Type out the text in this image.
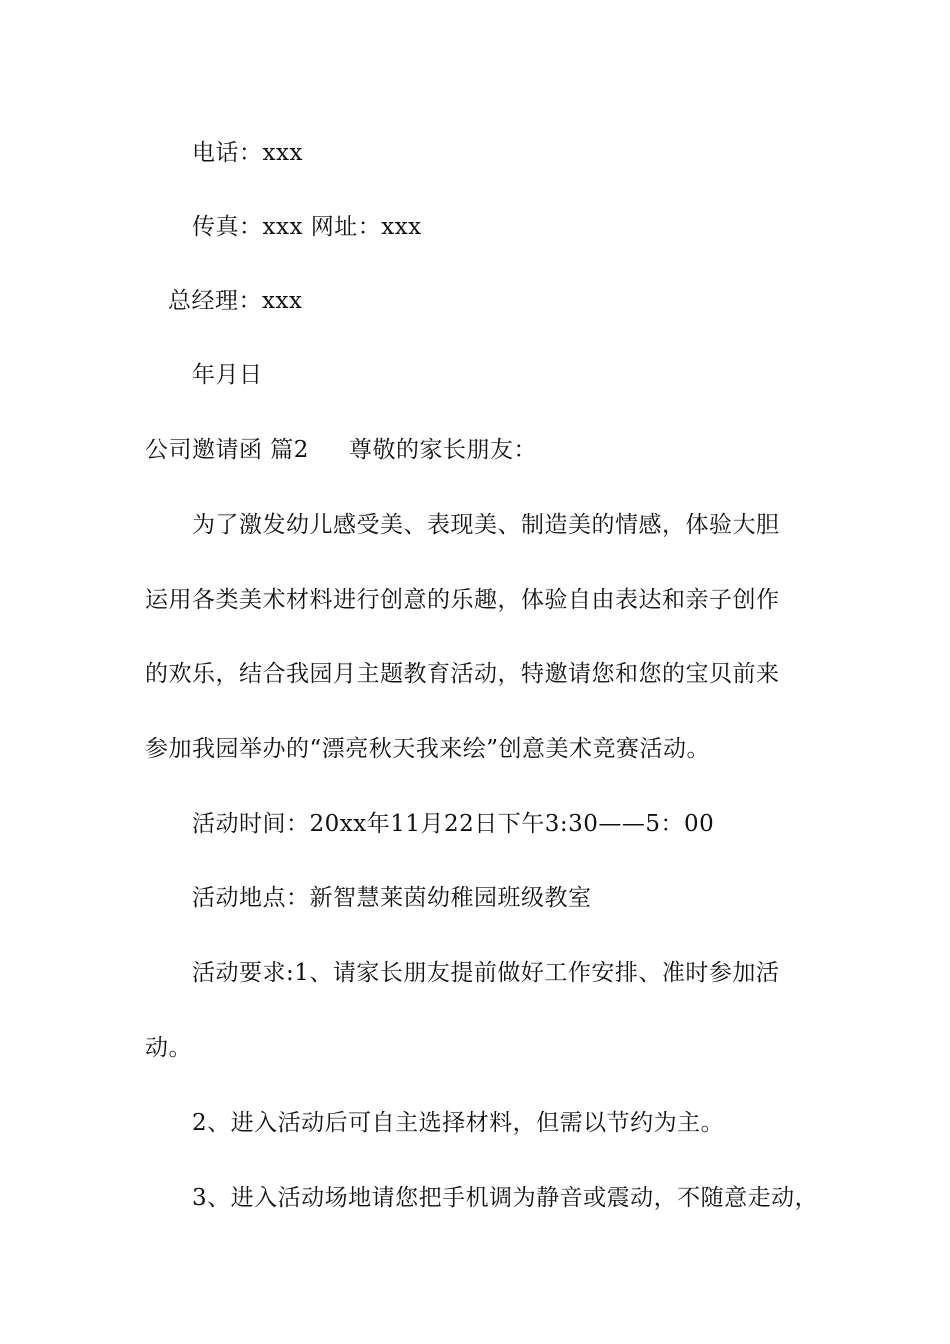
电话：xxx
传真：xxx 网址：xxx
总经理：xxx
年月日
公司邀请函 篇2 尊敬的家长朋友：
为了激发幼儿感受美、表现美、制造美的情感，体验大胆
运用各类美术材料进行创意的乐趣，体验自由表达和亲子创作
的欢乐，结合我园月主题教育活动，特邀请您和您的宝贝前来
参加我园举办的“漂亮秋天我来绘”创意美术竞赛活动。
活动时间：20xx年11月22日下午3:30——5：00
活动地点：新智慧莱茵幼稚园班级教室
活动要求:1、请家长朋友提前做好工作安排、准时参加活
动。
2、进入活动后可自主选择材料，但需以节约为主。
3、进入活动场地请您把手机调为静音或震动，不随意走动，
